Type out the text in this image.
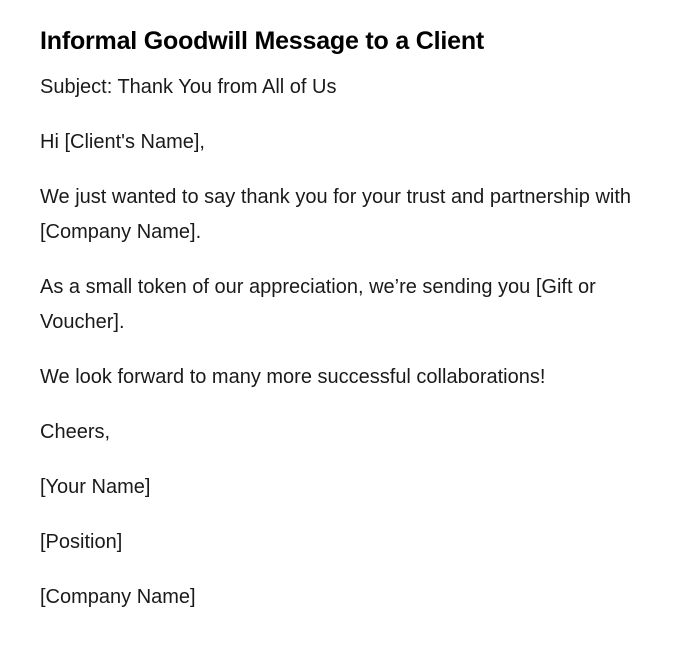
Informal Goodwill Message to a Client

Subject: Thank You from All of Us

Hi [Client's Name],

We just wanted to say thank you for your trust and partnership with [Company Name].

As a small token of our appreciation, we’re sending you [Gift or Voucher].

We look forward to many more successful collaborations!

Cheers,

[Your Name]

[Position]

[Company Name]
